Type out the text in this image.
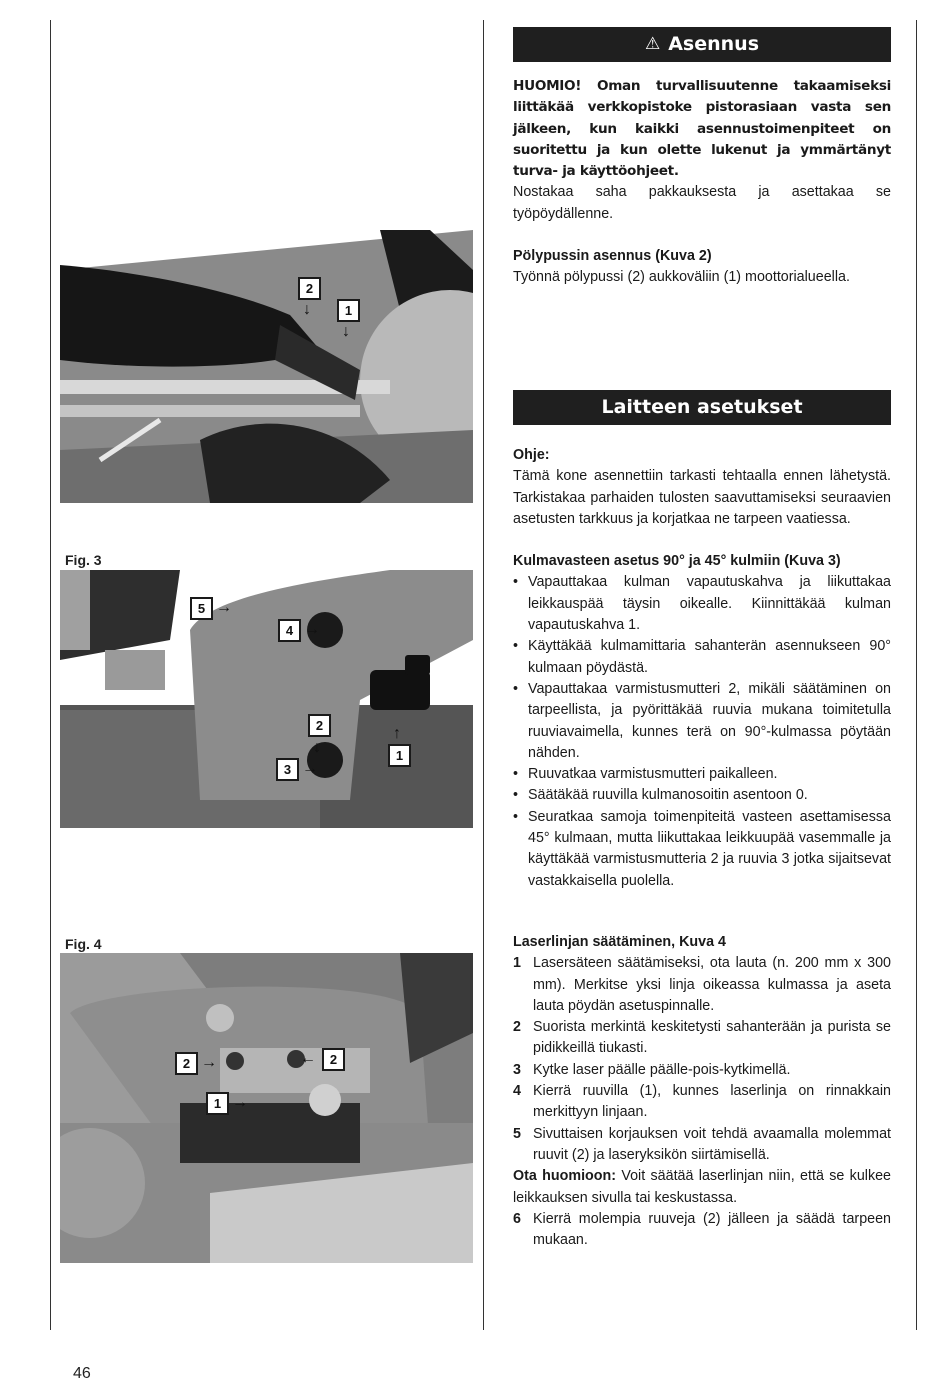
2
↓	1
↓
Fig. 3
5 →
4 →
2
↓
3 →
↑
1
Fig. 4
2 →	←	2
1 →
⚠ Asennus

HUOMIO! Oman turvallisuutenne takaamiseksi liittäkää verkkopistoke pistorasiaan vasta sen jälkeen, kun kaikki asennustoimenpiteet on suoritettu ja kun olette lukenut ja ymmärtänyt turva- ja käyttöohjeet.

Nostakaa saha pakkauksesta ja asettakaa se työpöydällenne.

Pölypussin asennus (Kuva 2)

Työnnä pölypussi (2) aukkoväliin (1) moottorialueella.

Laitteen asetukset

Ohje:

Tämä kone asennettiin tarkasti tehtaalla ennen lähetystä. Tarkistakaa parhaiden tulosten saavuttamiseksi seuraavien asetusten tarkkuus ja korjatkaa ne tarpeen vaatiessa.

Kulmavasteen asetus 90° ja 45° kulmiin (Kuva 3)

• Vapauttakaa kulman vapautuskahva ja liikuttakaa leikkauspää täysin oikealle. Kiinnittäkää kulman vapautuskahva 1.
• Käyttäkää kulmamittaria sahanterän asennukseen 90° kulmaan pöydästä.
• Vapauttakaa varmistusmutteri 2, mikäli säätäminen on tarpeellista, ja pyörittäkää ruuvia mukana toimitetulla ruuviavaimella, kunnes terä on 90°-kulmassa pöytään nähden.
• Ruuvatkaa varmistusmutteri paikalleen.
• Säätäkää ruuvilla kulmanosoitin asentoon 0.
• Seuratkaa samoja toimenpiteitä vasteen asettamisessa 45° kulmaan, mutta liikuttakaa leikkuupää vasemmalle ja käyttäkää varmistusmutteria 2 ja ruuvia 3 jotka sijaitsevat vastakkaisella puolella.

Laserlinjan säätäminen, Kuva 4

1 Lasersäteen säätämiseksi, ota lauta (n. 200 mm x 300 mm). Merkitse yksi linja oikeassa kulmassa ja aseta lauta pöydän asetuspinnalle.
2 Suorista merkintä keskitetysti sahanterään ja purista se pidikkeillä tiukasti.
3 Kytke laser päälle päälle-pois-kytkimellä.
4 Kierrä ruuvilla (1), kunnes laserlinja on rinnakkain merkittyyn linjaan.
5 Sivuttaisen korjauksen voit tehdä avaamalla molemmat ruuvit (2) ja laseryksikön siirtämisellä.

Ota huomioon: Voit säätää laserlinjan niin, että se kulkee leikkauksen sivulla tai keskustassa.

6 Kierrä molempia ruuveja (2) jälleen ja säädä tarpeen mukaan.
46
